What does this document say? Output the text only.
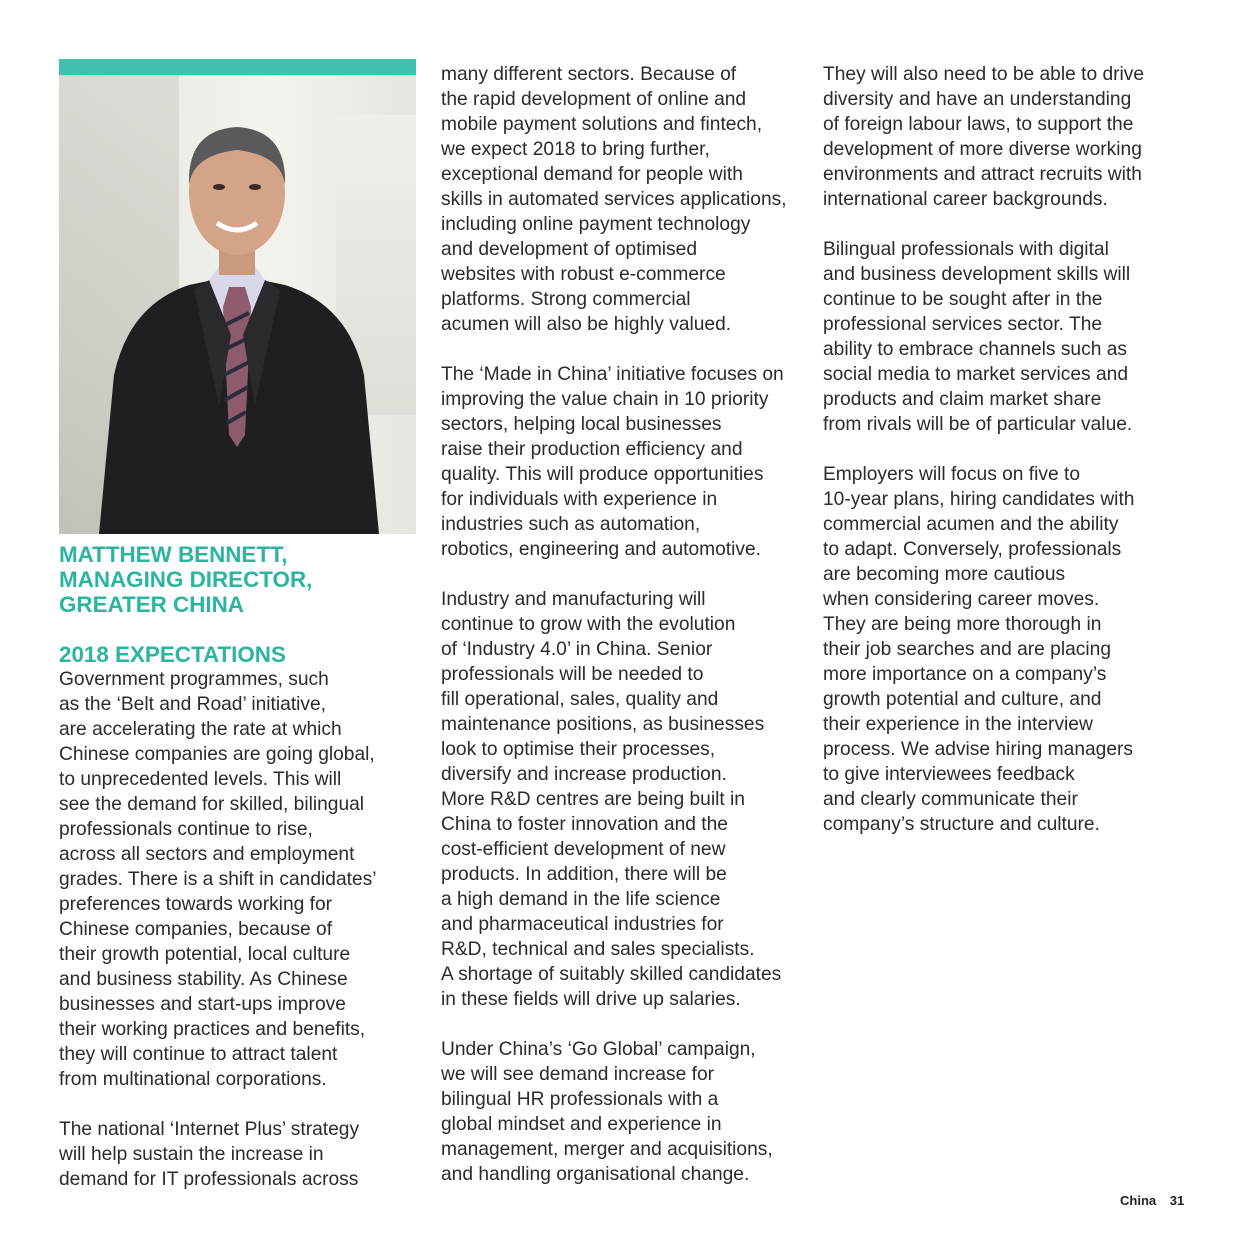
MATTHEW BENNETT,
MANAGING DIRECTOR,
GREATER CHINA
2018 EXPECTATIONS

Government programmes, such
as the ‘Belt and Road’ initiative,
are accelerating the rate at which
Chinese companies are going global,
to unprecedented levels. This will
see the demand for skilled, bilingual
professionals continue to rise,
across all sectors and employment
grades. There is a shift in candidates’
preferences towards working for
Chinese companies, because of
their growth potential, local culture
and business stability. As Chinese
businesses and start-ups improve
their working practices and benefits,
they will continue to attract talent
from multinational corporations.

The national ‘Internet Plus’ strategy
will help sustain the increase in
demand for IT professionals across

many different sectors. Because of
the rapid development of online and
mobile payment solutions and fintech,
we expect 2018 to bring further,
exceptional demand for people with
skills in automated services applications,
including online payment technology
and development of optimised
websites with robust e-commerce
platforms. Strong commercial
acumen will also be highly valued.

The ‘Made in China’ initiative focuses on
improving the value chain in 10 priority
sectors, helping local businesses
raise their production efficiency and
quality. This will produce opportunities
for individuals with experience in
industries such as automation,
robotics, engineering and automotive.

Industry and manufacturing will
continue to grow with the evolution
of ‘Industry 4.0’ in China. Senior
professionals will be needed to
fill operational, sales, quality and
maintenance positions, as businesses
look to optimise their processes,
diversify and increase production.
More R&D centres are being built in
China to foster innovation and the
cost-efficient development of new
products. In addition, there will be
a high demand in the life science
and pharmaceutical industries for
R&D, technical and sales specialists.
A shortage of suitably skilled candidates
in these fields will drive up salaries.

Under China’s ‘Go Global’ campaign,
we will see demand increase for
bilingual HR professionals with a
global mindset and experience in
management, merger and acquisitions,
and handling organisational change.

They will also need to be able to drive
diversity and have an understanding
of foreign labour laws, to support the
development of more diverse working
environments and attract recruits with
international career backgrounds.

Bilingual professionals with digital
and business development skills will
continue to be sought after in the
professional services sector. The
ability to embrace channels such as
social media to market services and
products and claim market share
from rivals will be of particular value.

Employers will focus on five to
10-year plans, hiring candidates with
commercial acumen and the ability
to adapt. Conversely, professionals
are becoming more cautious
when considering career moves.
They are being more thorough in
their job searches and are placing
more importance on a company’s
growth potential and culture, and
their experience in the interview
process. We advise hiring managers
to give interviewees feedback
and clearly communicate their
company’s structure and culture.

China 31
